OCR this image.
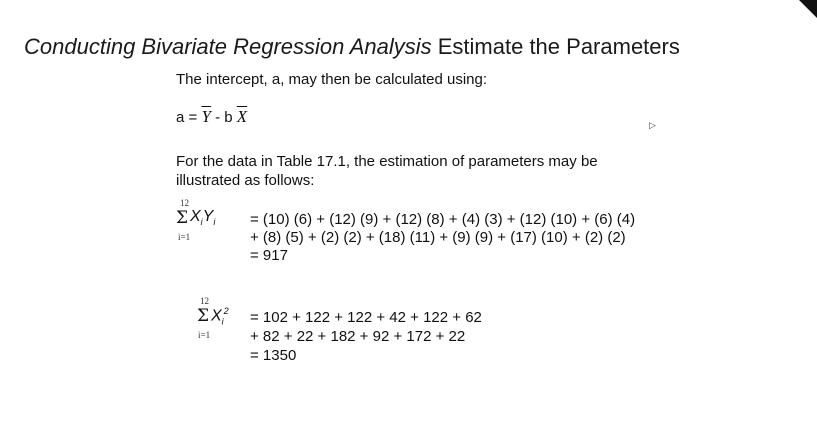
Conducting Bivariate Regression Analysis Estimate the Parameters
The intercept, a, may then be calculated using:
$a = \overline{Y} - b$ $\overline{X}$	▷
For the data in Table 17.1, the estimation of parameters may be
illustrated as follows:
12
Σ $X_iY_i$
i=1
= (10) (6) + (12) (9) + (12) (8) + (4) (3) + (12) (10) + (6) (4)
+ (8) (5) + (2) (2) + (18) (11) + (9) (9) + (17) (10) + (2) (2)
= 917
12
Σ $X_i^2$
i=1
= 102 + 122 + 122 + 42 + 122 + 62
+ 82 + 22 + 182 + 92 + 172 + 22
= 1350
